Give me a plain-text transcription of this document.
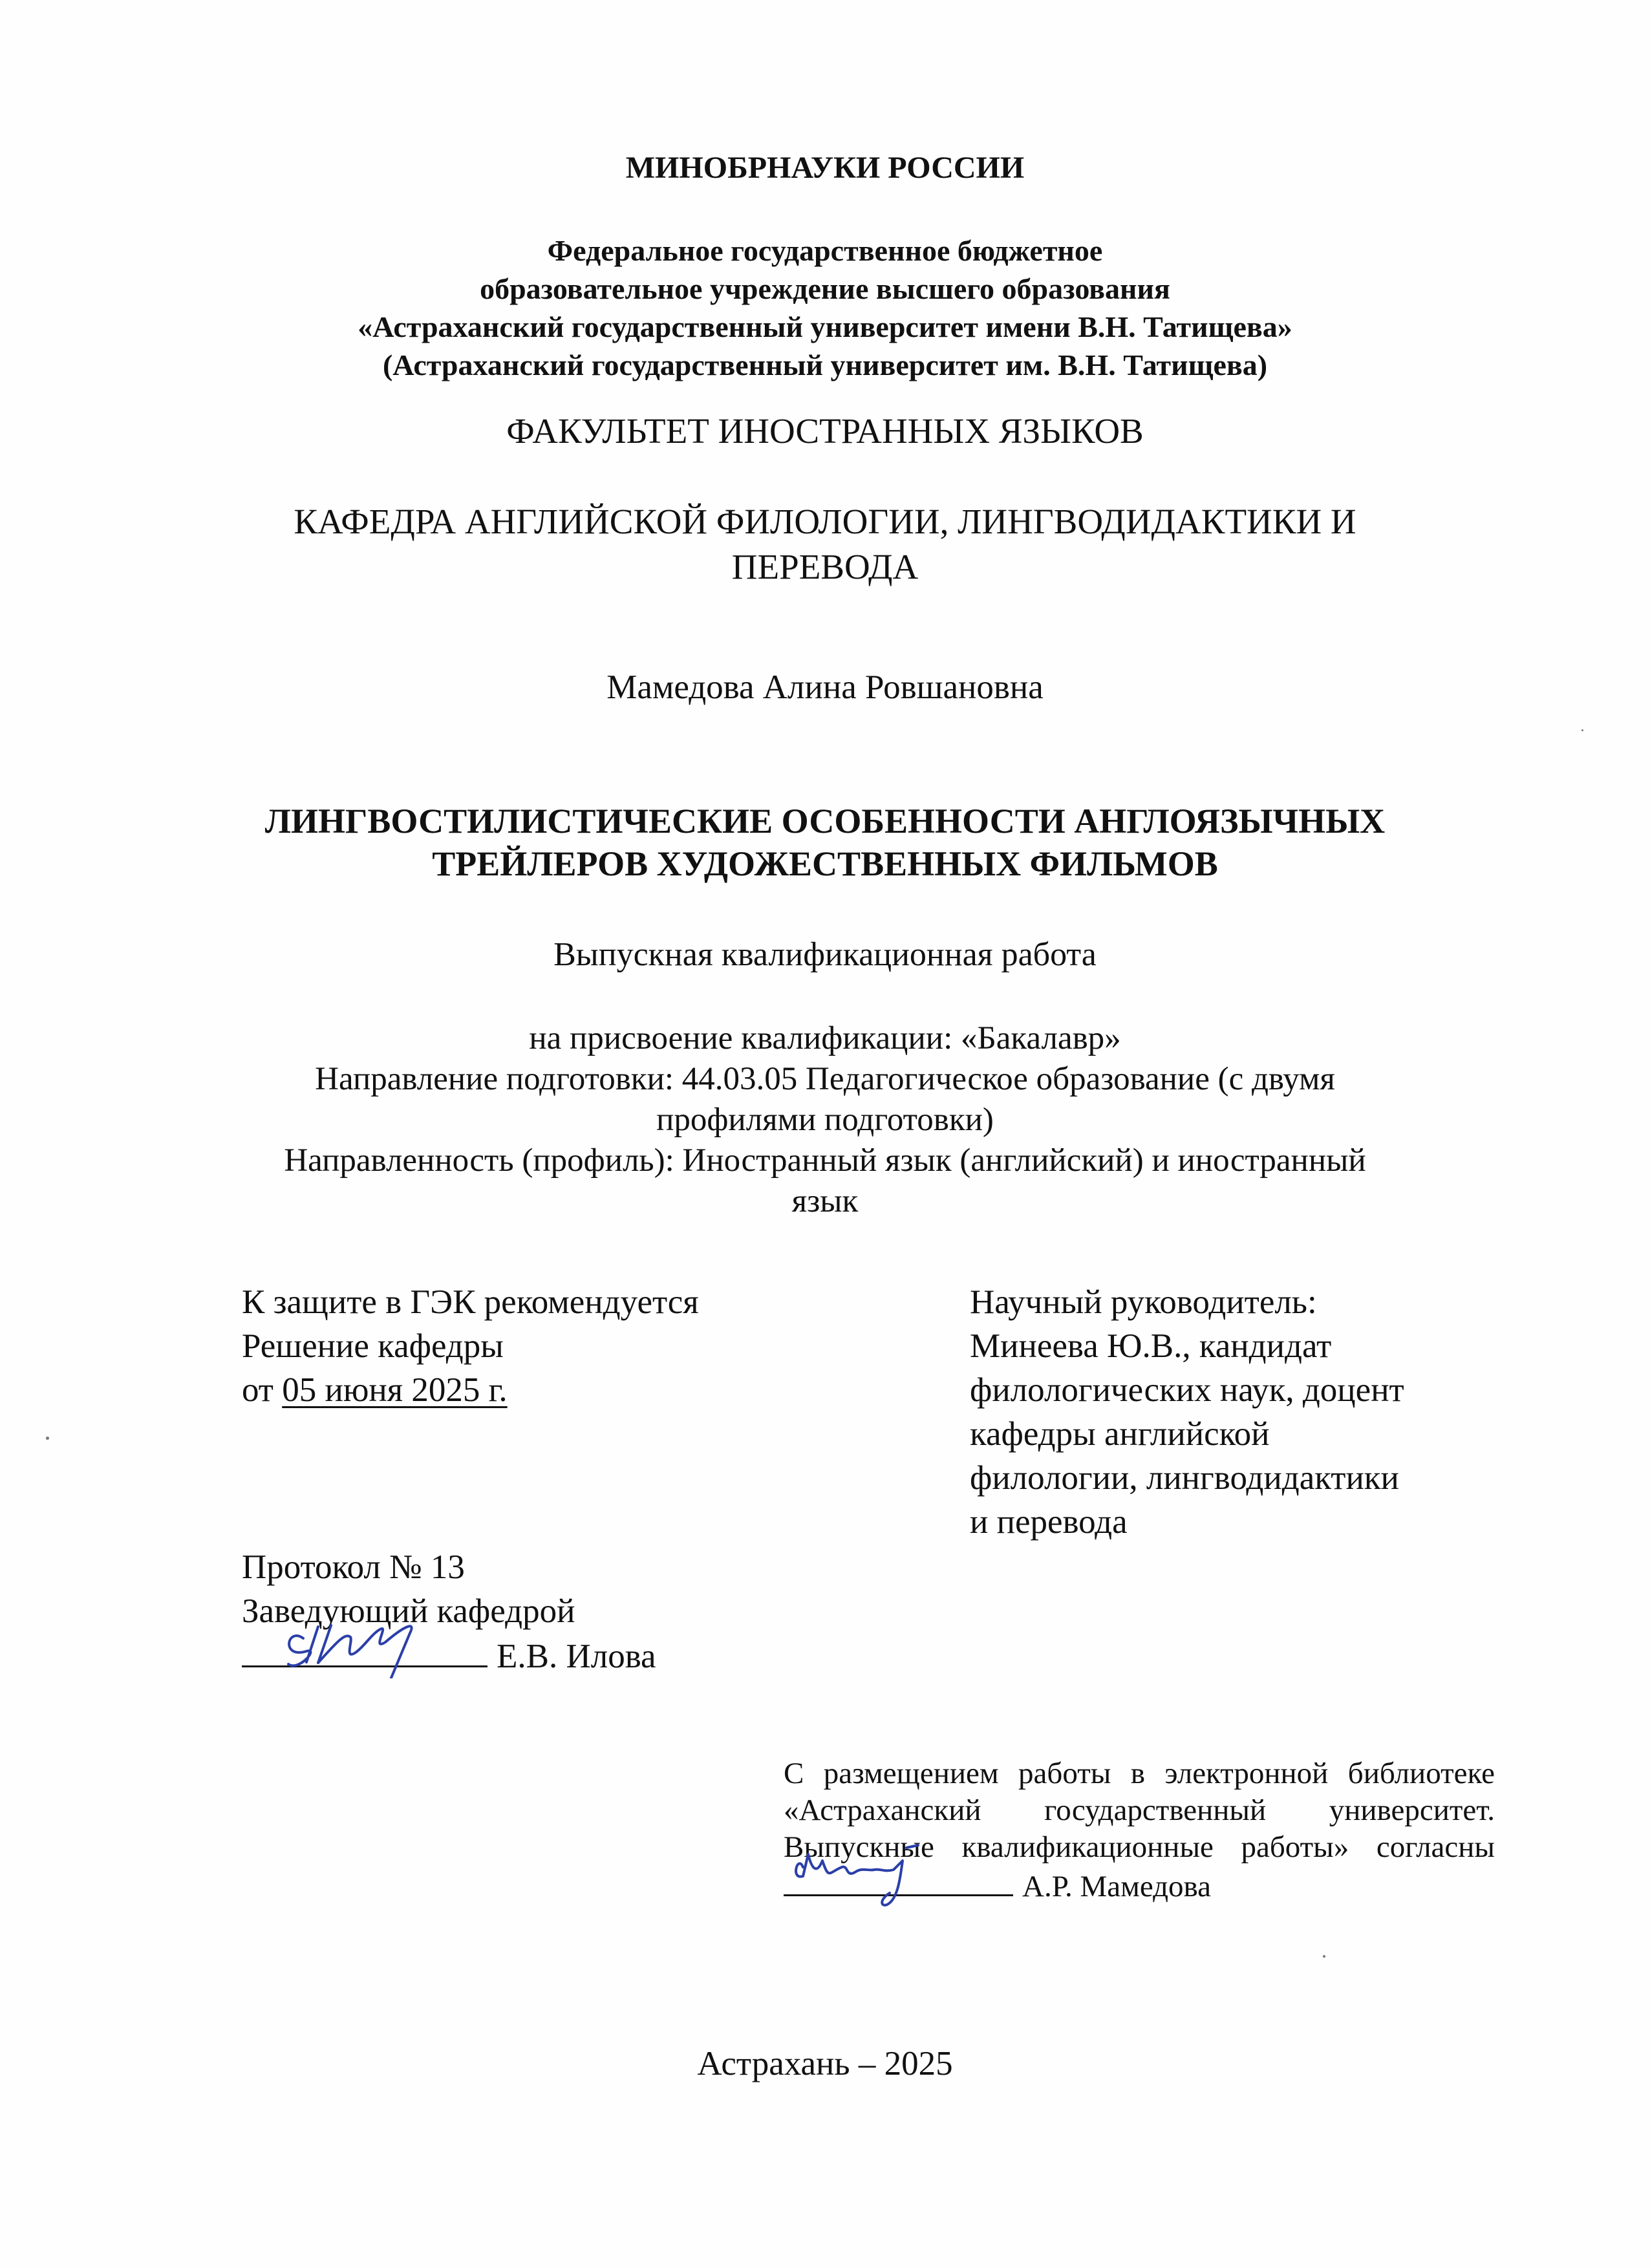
МИНОБРНАУКИ РОССИИ
Федеральное государственное бюджетное
образовательное учреждение высшего образования
«Астраханский государственный университет имени В.Н. Татищева»
(Астраханский государственный университет им. В.Н. Татищева)
ФАКУЛЬТЕТ ИНОСТРАННЫХ ЯЗЫКОВ
КАФЕДРА АНГЛИЙСКОЙ ФИЛОЛОГИИ, ЛИНГВОДИДАКТИКИ И
ПЕРЕВОДА
Мамедова Алина Ровшановна
ЛИНГВОСТИЛИСТИЧЕСКИЕ ОСОБЕННОСТИ АНГЛОЯЗЫЧНЫХ
ТРЕЙЛЕРОВ ХУДОЖЕСТВЕННЫХ ФИЛЬМОВ
Выпускная квалификационная работа
на присвоение квалификации: «Бакалавр»
Направление подготовки: 44.03.05 Педагогическое образование (с двумя
профилями подготовки)
Направленность (профиль): Иностранный язык (английский) и иностранный
язык
К защите в ГЭК рекомендуется
Решение кафедры
от 05 июня 2025 г.
Научный руководитель:
Минеева Ю.В., кандидат
филологических наук, доцент
кафедры английской
филологии, лингводидактики
и перевода
Протокол № 13
Заведующий кафедрой
Е.В. Илова
С размещением работы в электронной библиотеке
«Астраханский государственный университет.
Выпускные квалификационные работы» согласны
А.Р. Мамедова
Астрахань – 2025
